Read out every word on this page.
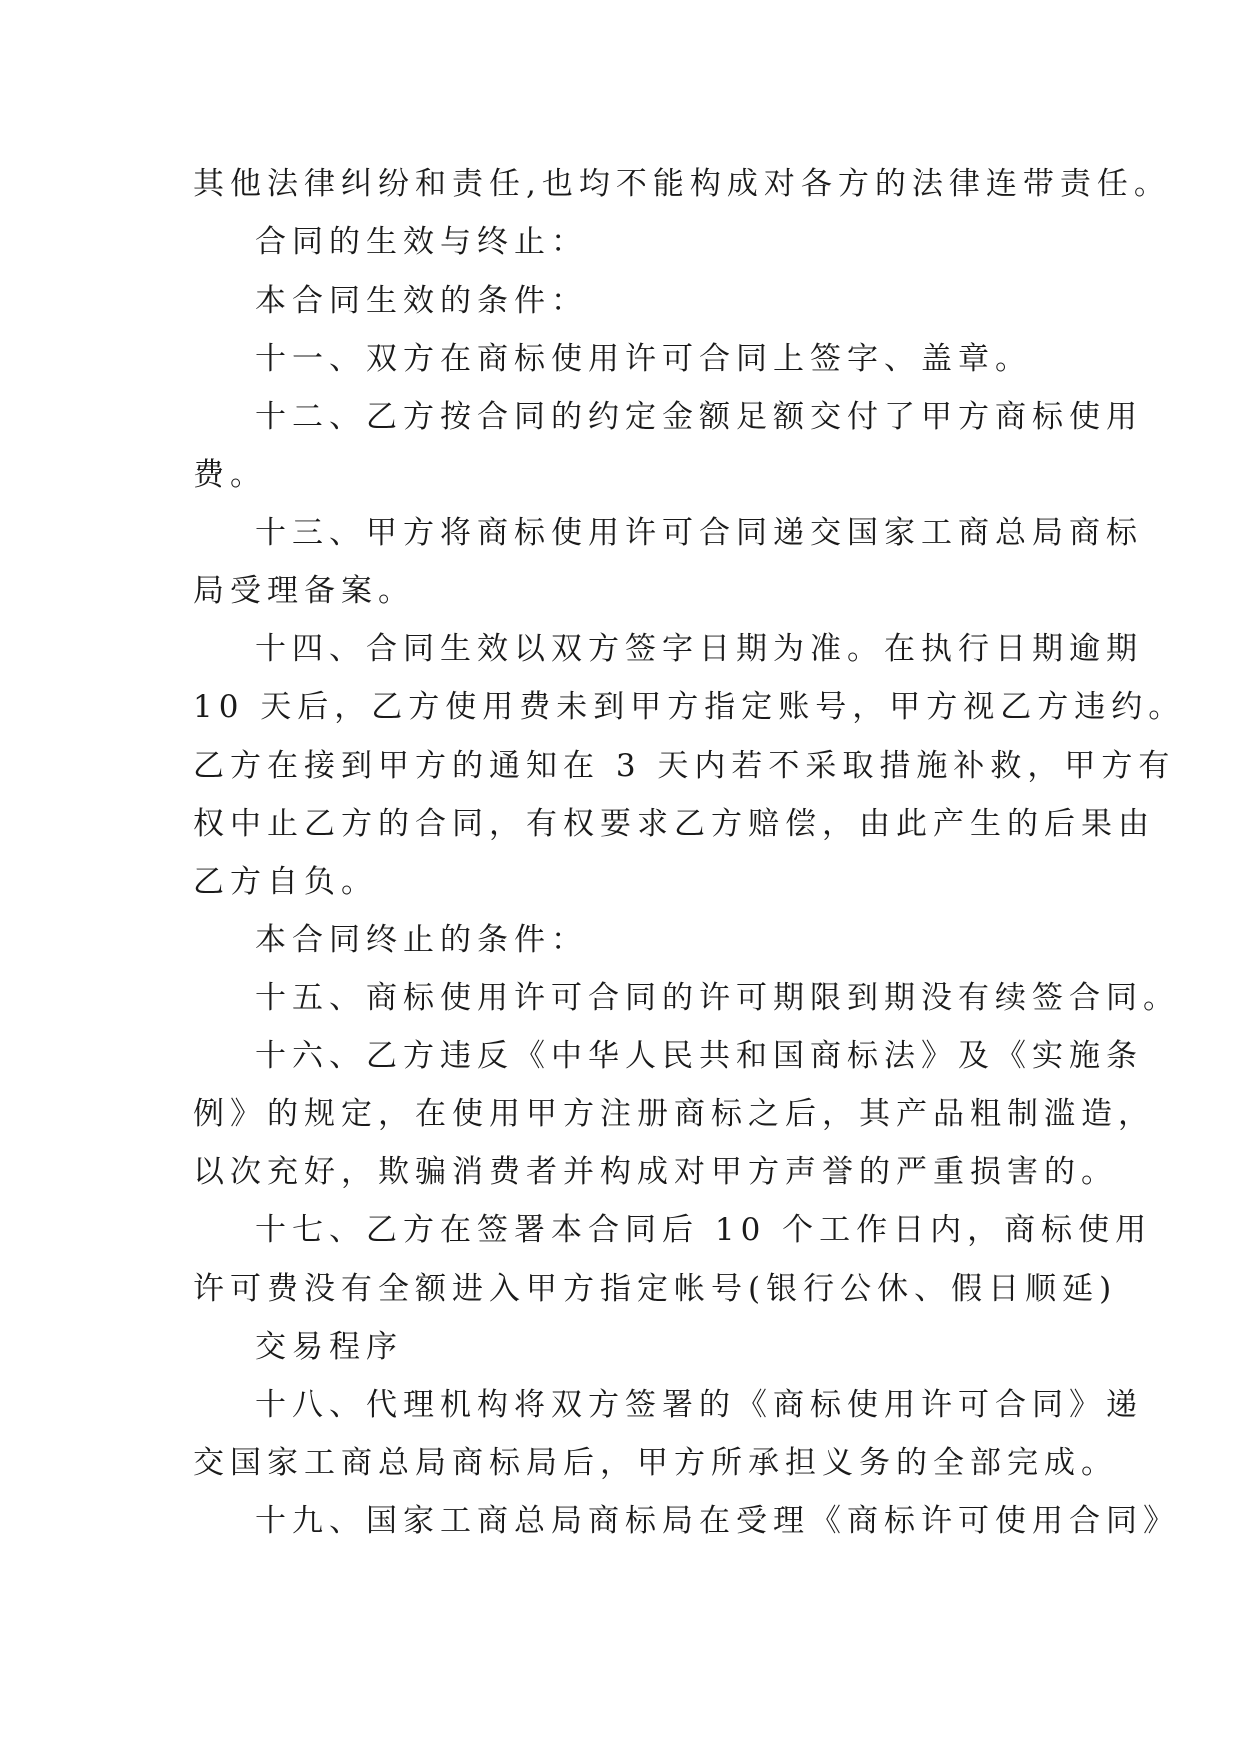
其他法律纠纷和责任,也均不能构成对各方的法律连带责任。
合同的生效与终止：
本合同生效的条件：
十一、双方在商标使用许可合同上签字、盖章。
十二、乙方按合同的约定金额足额交付了甲方商标使用
费。
十三、甲方将商标使用许可合同递交国家工商总局商标
局受理备案。
十四、合同生效以双方签字日期为准。在执行日期逾期
10 天后，乙方使用费未到甲方指定账号，甲方视乙方违约。
乙方在接到甲方的通知在 3 天内若不采取措施补救，甲方有
权中止乙方的合同，有权要求乙方赔偿，由此产生的后果由
乙方自负。
本合同终止的条件：
十五、商标使用许可合同的许可期限到期没有续签合同。
十六、乙方违反《中华人民共和国商标法》及《实施条
例》的规定，在使用甲方注册商标之后，其产品粗制滥造，
以次充好，欺骗消费者并构成对甲方声誉的严重损害的。
十七、乙方在签署本合同后 10 个工作日内，商标使用
许可费没有全额进入甲方指定帐号(银行公休、假日顺延)
交易程序
十八、代理机构将双方签署的《商标使用许可合同》递
交国家工商总局商标局后，甲方所承担义务的全部完成。
十九、国家工商总局商标局在受理《商标许可使用合同》
